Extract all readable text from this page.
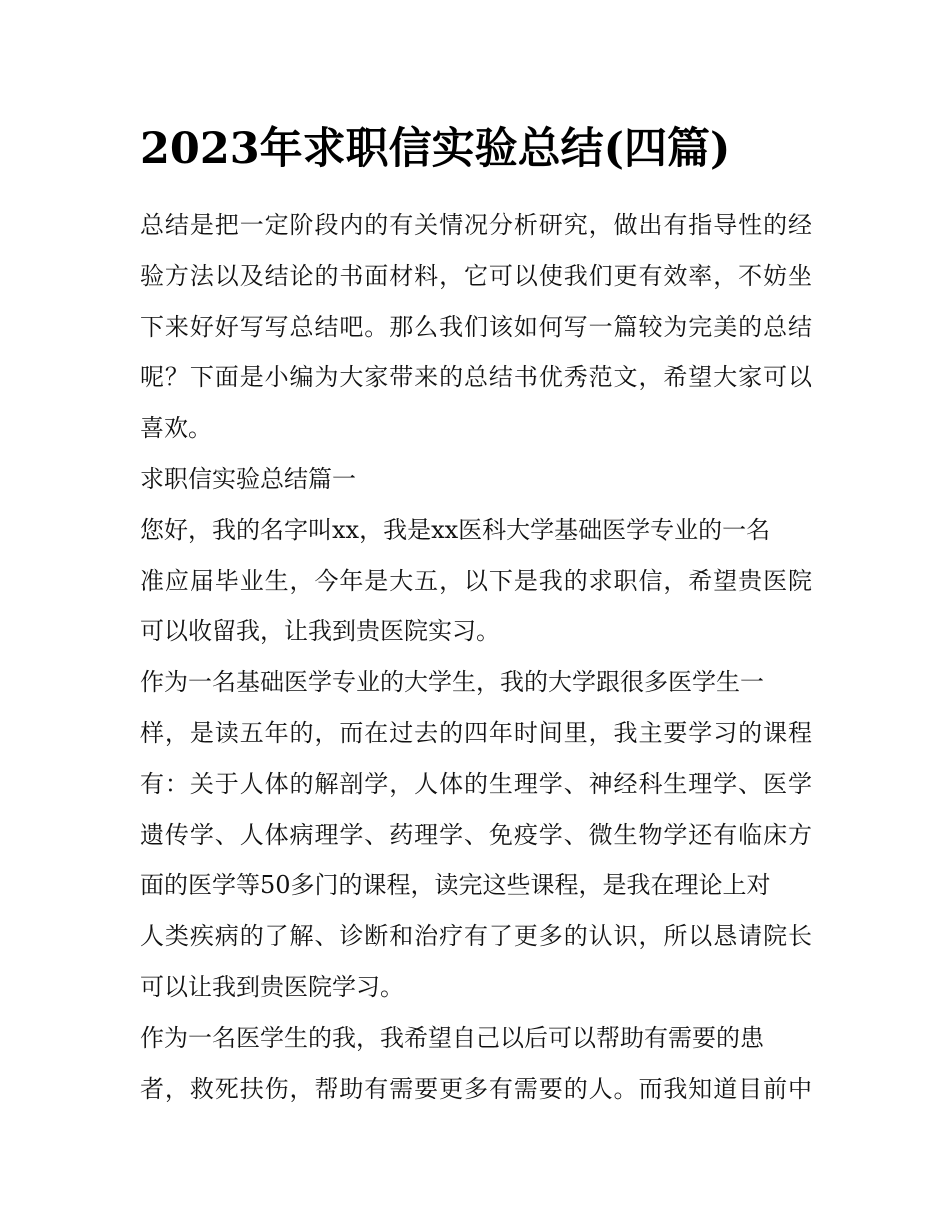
2023年求职信实验总结(四篇)
总结是把一定阶段内的有关情况分析研究，做出有指导性的经
验方法以及结论的书面材料，它可以使我们更有效率，不妨坐
下来好好写写总结吧。那么我们该如何写一篇较为完美的总结
呢？下面是小编为大家带来的总结书优秀范文，希望大家可以
喜欢。
求职信实验总结篇一
您好，我的名字叫xx，我是xx医科大学基础医学专业的一名
准应届毕业生，今年是大五，以下是我的求职信，希望贵医院
可以收留我，让我到贵医院实习。
作为一名基础医学专业的大学生，我的大学跟很多医学生一
样，是读五年的，而在过去的四年时间里，我主要学习的课程
有：关于人体的解剖学，人体的生理学、神经科生理学、医学
遗传学、人体病理学、药理学、免疫学、微生物学还有临床方
面的医学等50多门的课程，读完这些课程，是我在理论上对
人类疾病的了解、诊断和治疗有了更多的认识，所以恳请院长
可以让我到贵医院学习。
作为一名医学生的我，我希望自己以后可以帮助有需要的患
者，救死扶伤，帮助有需要更多有需要的人。而我知道目前中
